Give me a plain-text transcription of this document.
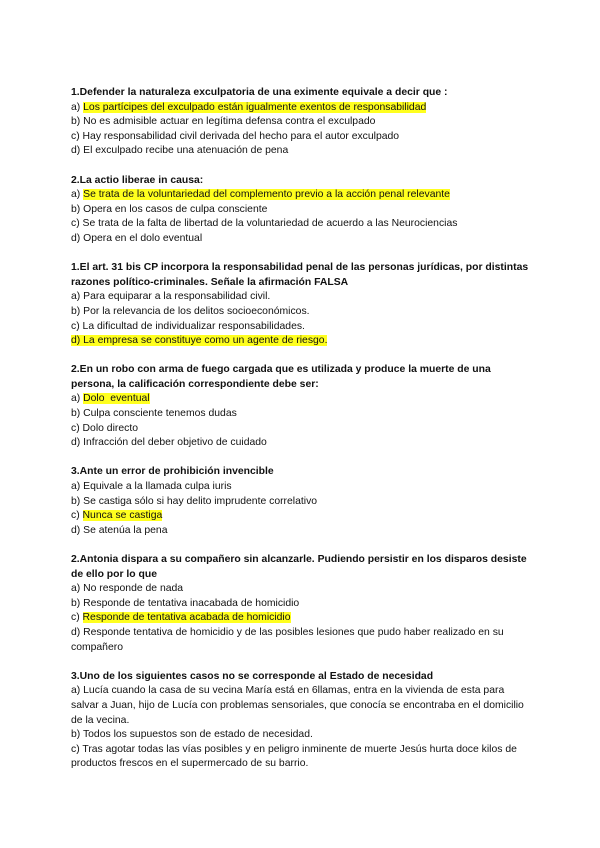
1.Defender la naturaleza exculpatoria de una eximente equivale a decir que :
a) Los partícipes del exculpado están igualmente exentos de responsabilidad
b) No es admisible actuar en legítima defensa contra el exculpado
c) Hay responsabilidad civil derivada del hecho para el autor exculpado
d) El exculpado recibe una atenuación de pena
2.La actio liberae in causa:
a) Se trata de la voluntariedad del complemento previo a la acción penal relevante
b) Opera en los casos de culpa consciente
c) Se trata de la falta de libertad de la voluntariedad de acuerdo a las Neurociencias
d) Opera en el dolo eventual
1.El art. 31 bis CP incorpora la responsabilidad penal de las personas jurídicas, por distintas razones político-criminales. Señale la afirmación FALSA
a) Para equiparar a la responsabilidad civil.
b) Por la relevancia de los delitos socioeconómicos.
c) La dificultad de individualizar responsabilidades.
d) La empresa se constituye como un agente de riesgo.
2.En un robo con arma de fuego cargada que es utilizada y produce la muerte de una persona, la calificación correspondiente debe ser:
a) Dolo  eventual
b) Culpa consciente tenemos dudas
c) Dolo directo
d) Infracción del deber objetivo de cuidado
3.Ante un error de prohibición invencible
a) Equivale a la llamada culpa iuris
b) Se castiga sólo si hay delito imprudente correlativo
c) Nunca se castiga
d) Se atenúa la pena
2.Antonia dispara a su compañero sin alcanzarle. Pudiendo persistir en los disparos desiste de ello por lo que
a) No responde de nada
b) Responde de tentativa inacabada de homicidio
c) Responde de tentativa acabada de homicidio
d) Responde tentativa de homicidio y de las posibles lesiones que pudo haber realizado en su compañero
3.Uno de los siguientes casos no se corresponde al Estado de necesidad
a) Lucía cuando la casa de su vecina María está en 6llamas, entra en la vivienda de esta para salvar a Juan, hijo de Lucía con problemas sensoriales, que conocía se encontraba en el domicilio de la vecina.
b) Todos los supuestos son de estado de necesidad.
c) Tras agotar todas las vías posibles y en peligro inminente de muerte Jesús hurta doce kilos de productos frescos en el supermercado de su barrio.
